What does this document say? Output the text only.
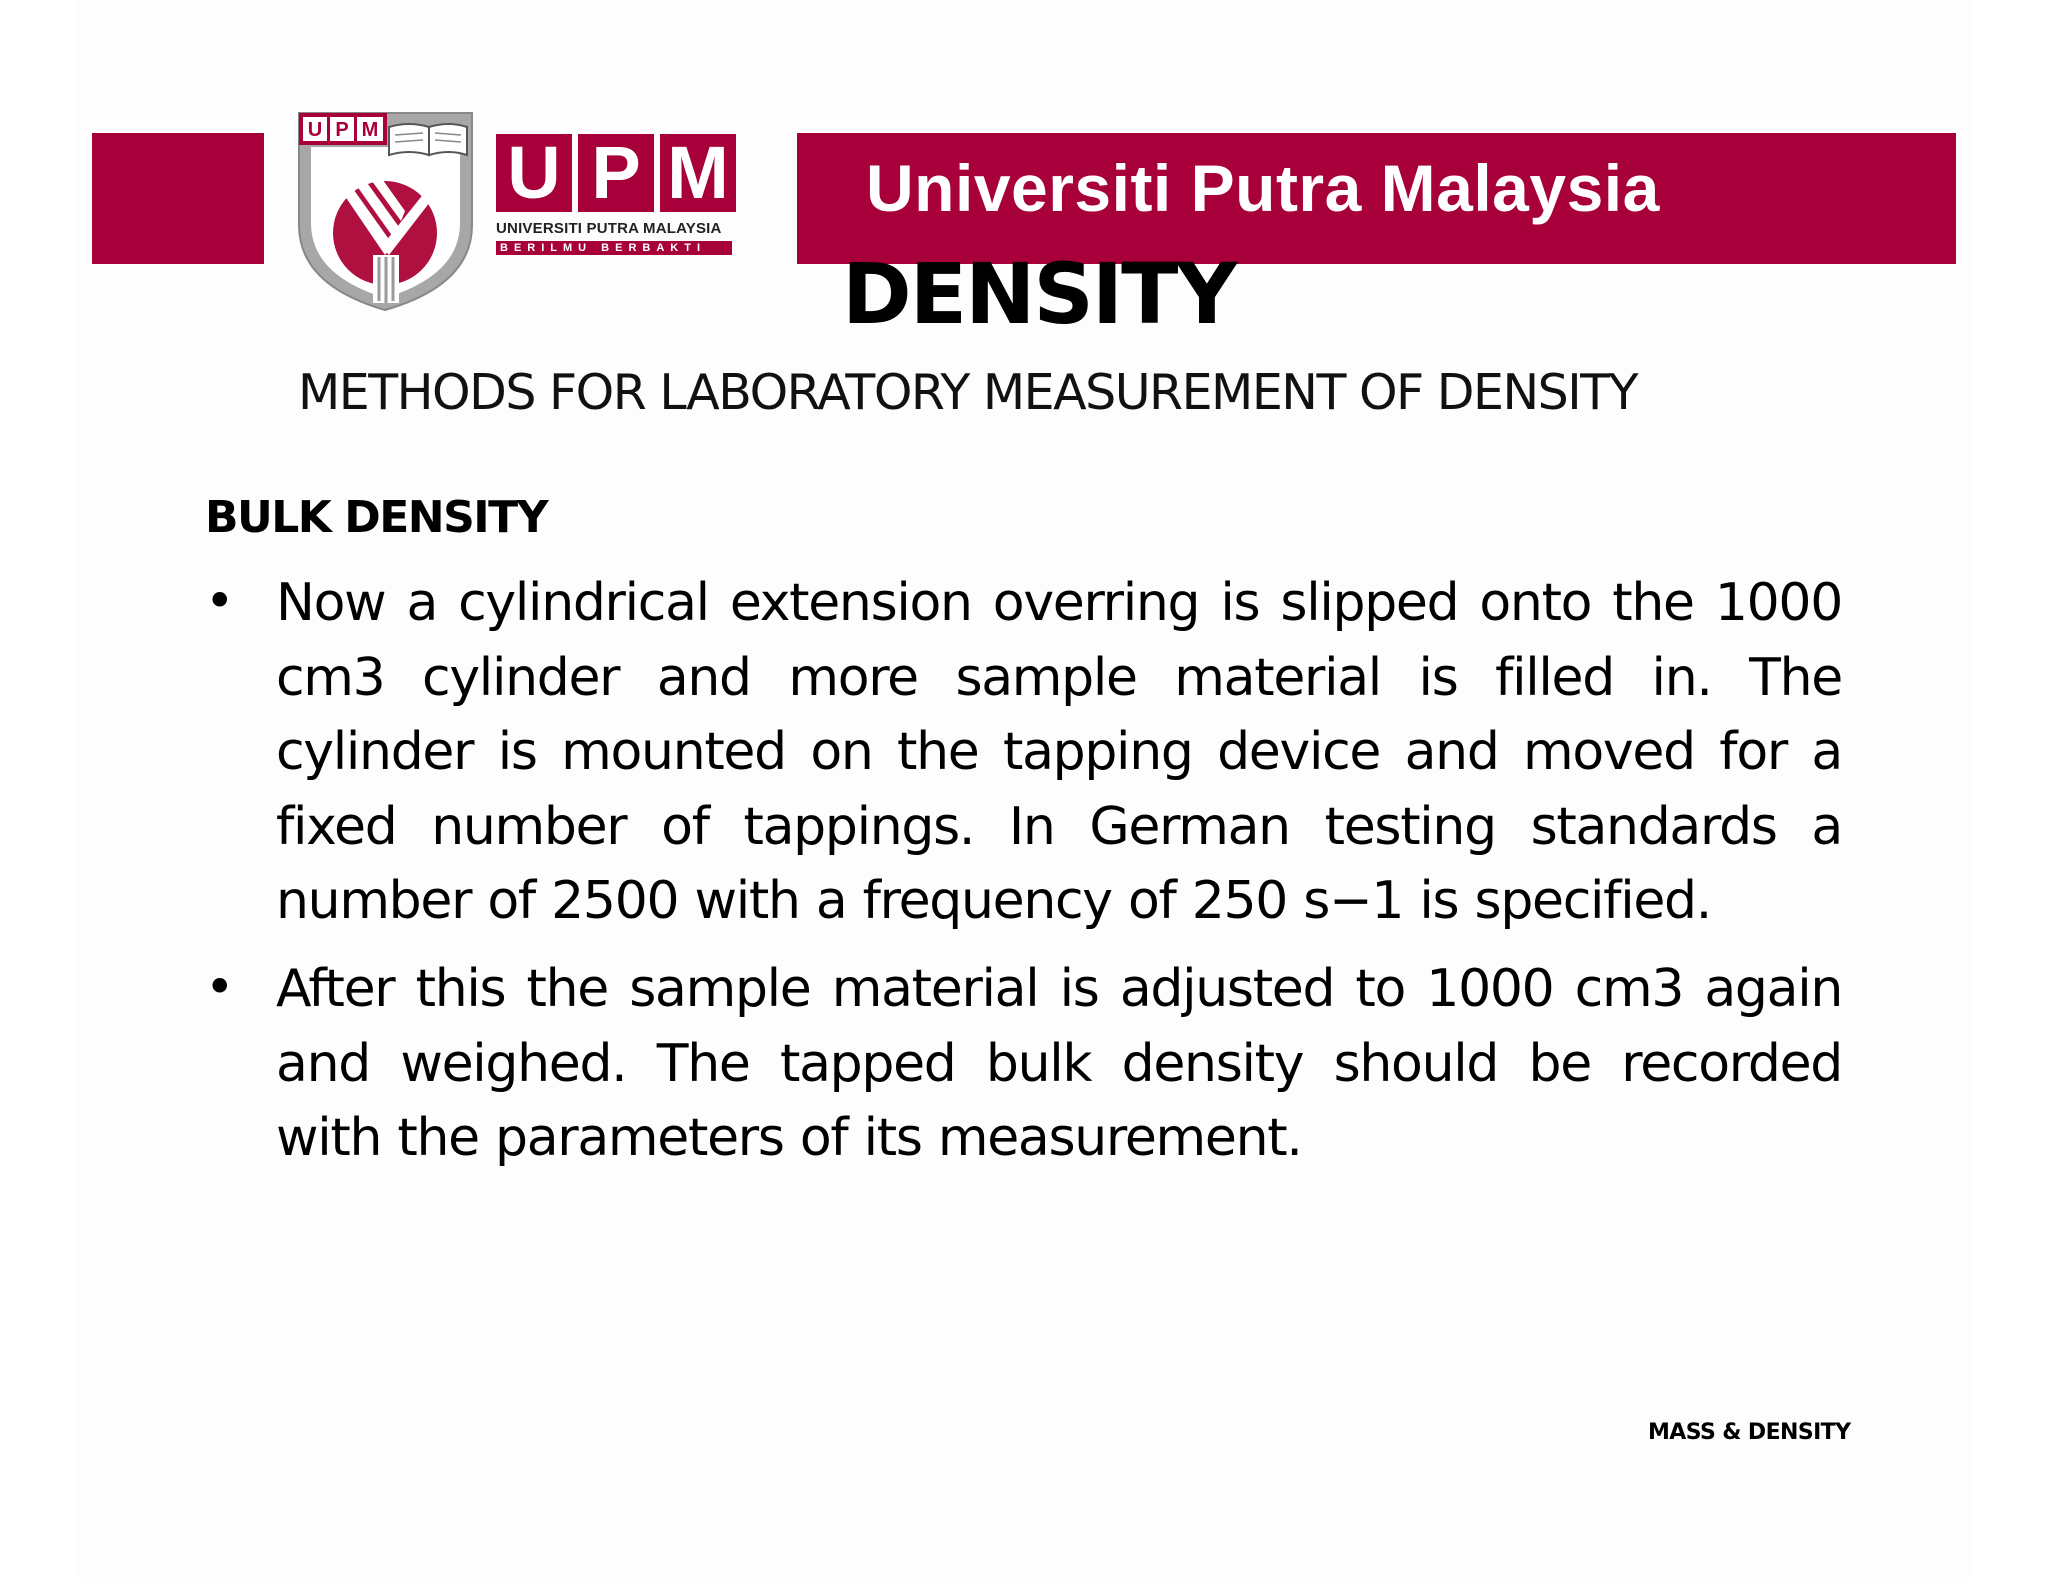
Universiti Putra Malaysia
U P M
U P M
UNIVERSITI PUTRA MALAYSIA
BERILMU BERBAKTI	DENSITY
METHODS FOR LABORATORY MEASUREMENT OF DENSITY
BULK DENSITY
• Now a cylindrical extension overring is slipped onto the 1000 cm3 cylinder and more sample material is filled in. The cylinder is mounted on the tapping device and moved for a fixed number of tappings. In German testing standards a number of 2500 with a frequency of 250 s−1 is specified.
• After this the sample material is adjusted to 1000 cm3 again and weighed. The tapped bulk density should be recorded with the parameters of its measurement.
MASS & DENSITY
